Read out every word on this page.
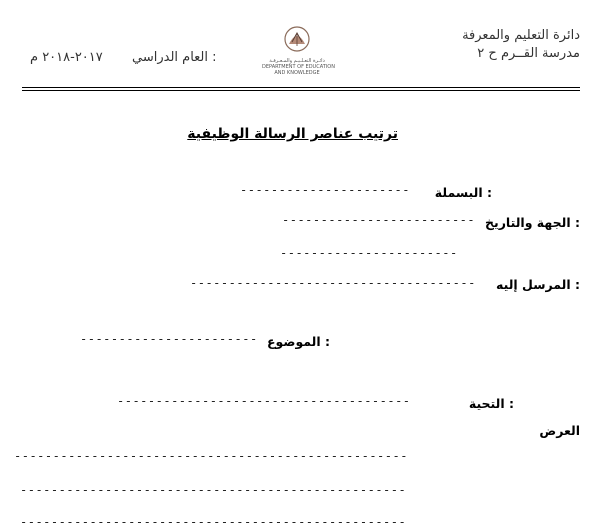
دائرة التعليم والمعرفة
مدرسة القــرم ح ٢
٢٠١٧-٢٠١٨ م العام الدراسي :	دائـرة التعـلـيـم والمـعـرفـة
DEPARTMENT OF EDUCATION
AND KNOWLEDGE
ترتيب عناصر الرسالة الوظيفية
البسملة :
----------------------
الجهة والتاريخ :
-------------------------
-----------------------
المرسل إليه :
-------------------------------------
الموضوع :
-----------------------
التحية :
--------------------------------------
العرض
---------------------------------------------------
--------------------------------------------------
--------------------------------------------------
